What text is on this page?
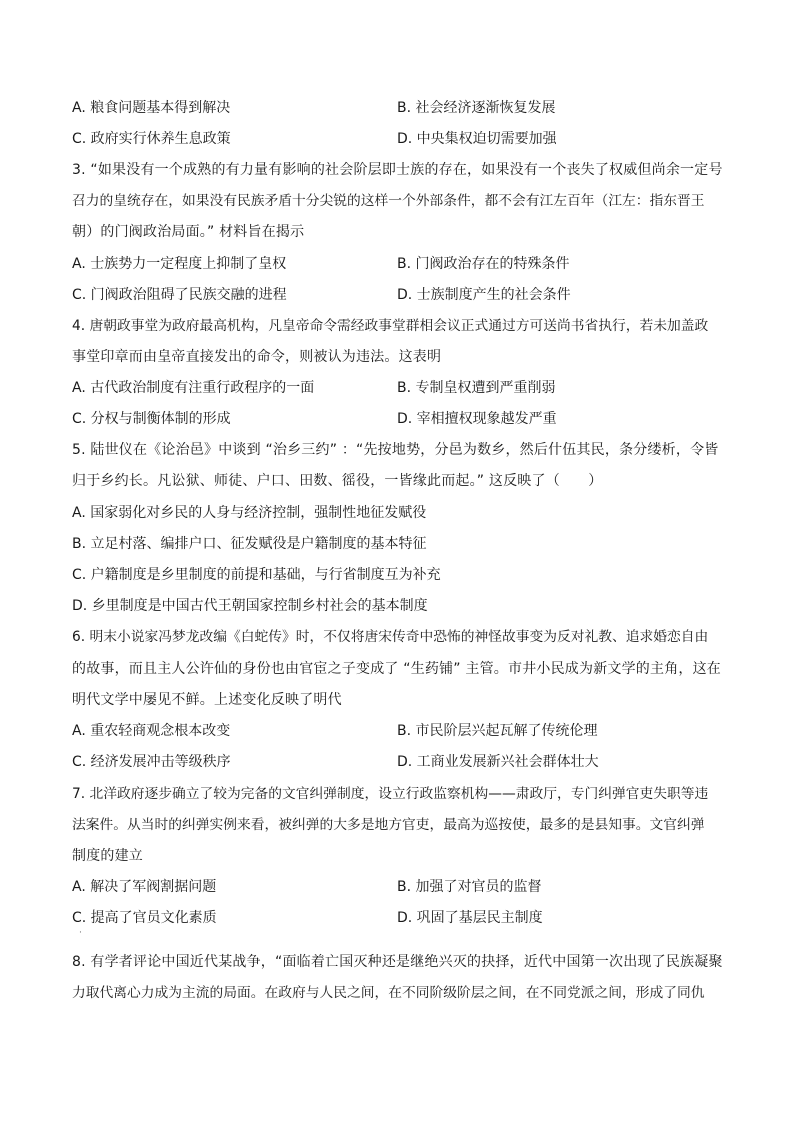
A. 粮食问题基本得到解决	B. 社会经济逐渐恢复发展
C. 政府实行休养生息政策	D. 中央集权迫切需要加强
3. “如果没有一个成熟的有力量有影响的社会阶层即士族的存在，如果没有一个丧失了权威但尚余一定号
召力的皇统存在，如果没有民族矛盾十分尖锐的这样一个外部条件，都不会有江左百年（江左：指东晋王
朝）的门阀政治局面。” 材料旨在揭示
A. 士族势力一定程度上抑制了皇权	B. 门阀政治存在的特殊条件
C. 门阀政治阻碍了民族交融的进程	D. 士族制度产生的社会条件
4. 唐朝政事堂为政府最高机构，凡皇帝命令需经政事堂群相会议正式通过方可送尚书省执行，若未加盖政
事堂印章而由皇帝直接发出的命令，则被认为违法。这表明
A. 古代政治制度有注重行政程序的一面	B. 专制皇权遭到严重削弱
C. 分权与制衡体制的形成	D. 宰相擅权现象越发严重
5. 陆世仪在《论治邑》中谈到 “治乡三约” ：“先按地势，分邑为数乡，然后什伍其民，条分缕析，令皆
归于乡约长。凡讼狱、师徒、户口、田数、徭役，一皆缘此而起。” 这反映了（　　）
A. 国家弱化对乡民的人身与经济控制，强制性地征发赋役
B. 立足村落、编排户口、征发赋役是户籍制度的基本特征
C. 户籍制度是乡里制度的前提和基础，与行省制度互为补充
D. 乡里制度是中国古代王朝国家控制乡村社会的基本制度
6. 明末小说家冯梦龙改编《白蛇传》时，不仅将唐宋传奇中恐怖的神怪故事变为反对礼教、追求婚恋自由
的故事，而且主人公许仙的身份也由官宦之子变成了 “生药铺” 主管。市井小民成为新文学的主角，这在
明代文学中屡见不鲜。上述变化反映了明代
A. 重农轻商观念根本改变	B. 市民阶层兴起瓦解了传统伦理
C. 经济发展冲击等级秩序	D. 工商业发展新兴社会群体壮大
7. 北洋政府逐步确立了较为完备的文官纠弹制度，设立行政监察机构——肃政厅，专门纠弹官吏失职等违
法案件。从当时的纠弹实例来看，被纠弹的大多是地方官吏，最高为巡按使，最多的是县知事。文官纠弹
制度的建立
A. 解决了军阀割据问题	B. 加强了对官员的监督
C. 提高了官员文化素质	D. 巩固了基层民主制度
·
8. 有学者评论中国近代某战争，“面临着亡国灭种还是继绝兴灭的抉择，近代中国第一次出现了民族凝聚
力取代离心力成为主流的局面。在政府与人民之间，在不同阶级阶层之间，在不同党派之间，形成了同仇
